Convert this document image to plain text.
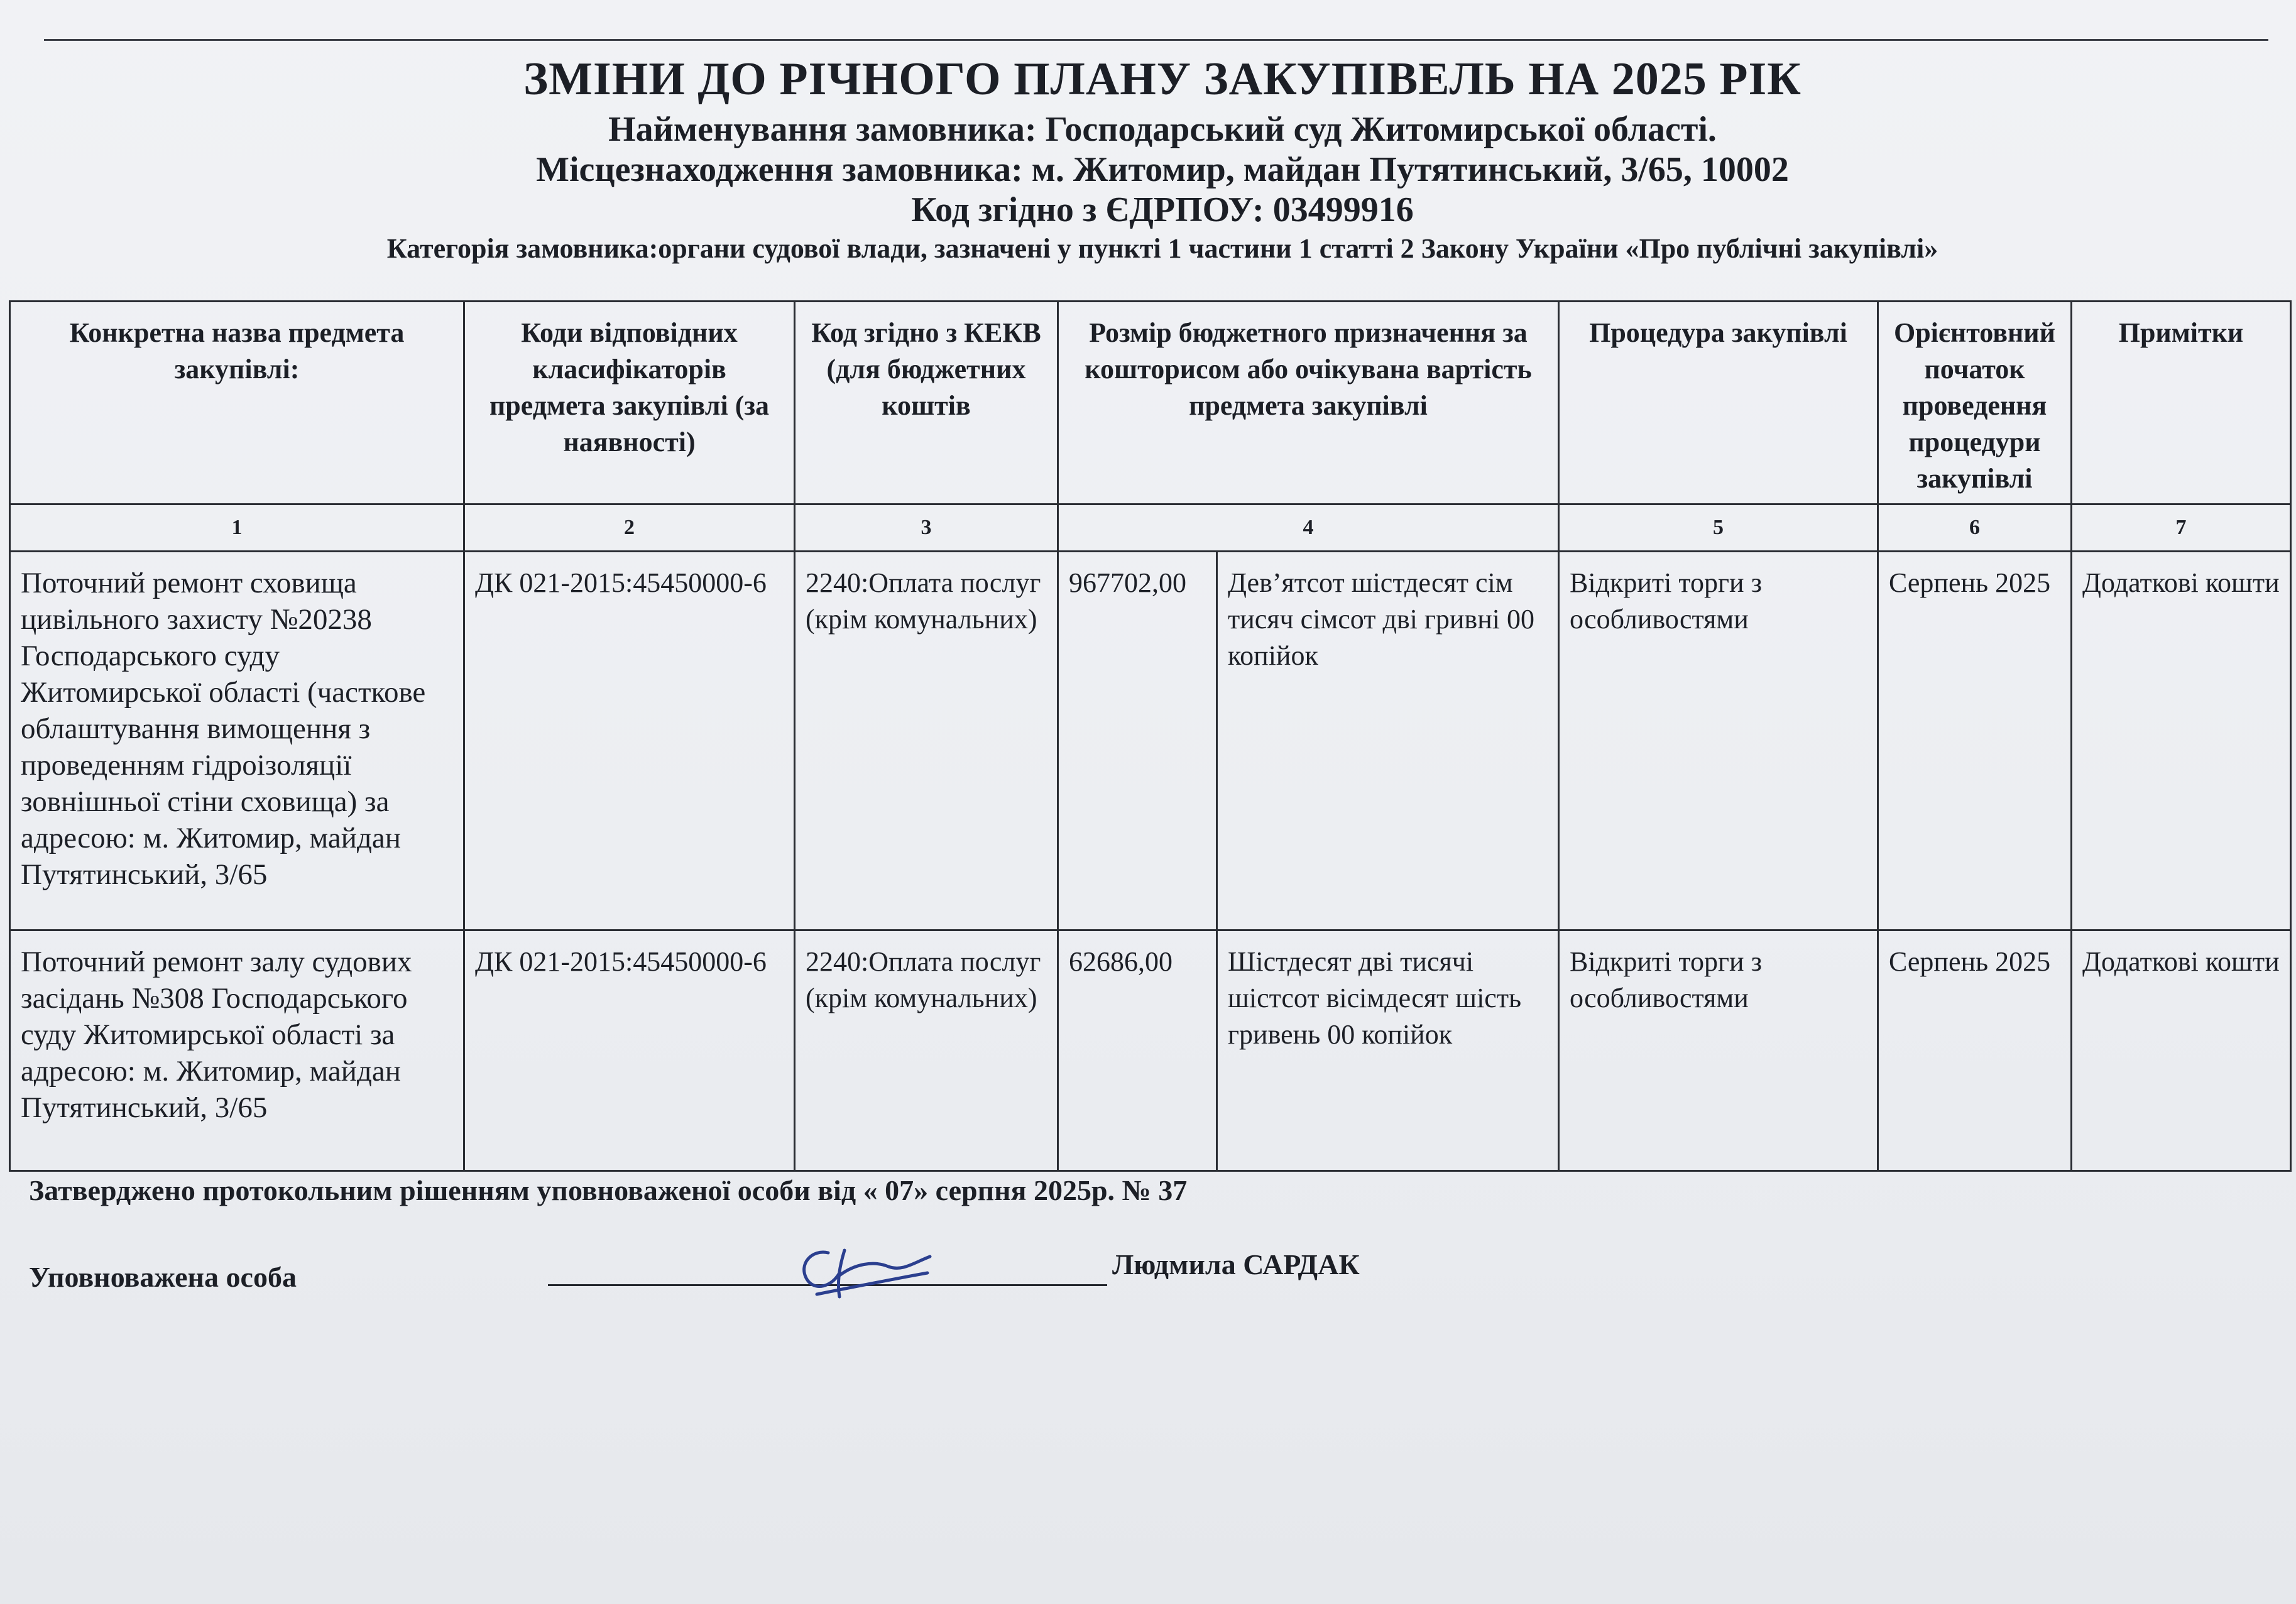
ЗМІНИ ДО РІЧНОГО ПЛАНУ ЗАКУПІВЕЛЬ НА 2025 РІК
Найменування замовника: Господарський суд Житомирської області.
Місцезнаходження замовника: м. Житомир, майдан Путятинський, 3/65, 10002
Код згідно з ЄДРПОУ: 03499916
Категорія замовника:органи судової влади, зазначені у пункті 1 частини 1 статті 2 Закону України «Про публічні закупівлі»
Конкретна назва предмета закупівлі:	Коди відповідних класифікаторів предмета закупівлі (за наявності)	Код згідно з КЕКВ (для бюджетних коштів	Розмір бюджетного призначення за кошторисом або очікувана вартість предмета закупівлі		Процедура закупівлі	Орієнтовний початок проведення процедури закупівлі	Примітки
1	2	3	4		5	6	7
Поточний ремонт сховища цивільного захисту №20238 Господарського суду Житомирської області (часткове облаштування вимощення з проведенням гідроізоляції зовнішньої стіни сховища) за адресою: м. Житомир, майдан Путятинський, 3/65	ДК 021-2015:45450000-6	2240:Оплата послуг (крім комунальних)	967702,00	Дев’ятсот шістдесят сім тисяч сімсот дві гривні 00 копійок	Відкриті торги з особливостями	Серпень 2025	Додаткові кошти
Поточний ремонт залу судових засідань №308 Господарського суду Житомирської області за адресою: м. Житомир, майдан Путятинський, 3/65	ДК 021-2015:45450000-6	2240:Оплата послуг (крім комунальних)	62686,00	Шістдесят дві тисячі шістсот вісімдесят шість гривень 00 копійок	Відкриті торги з особливостями	Серпень 2025	Додаткові кошти
Затверджено протокольним рішенням уповноваженої особи від « 07» серпня 2025р. № 37
Уповноважена особа	Людмила САРДАК
